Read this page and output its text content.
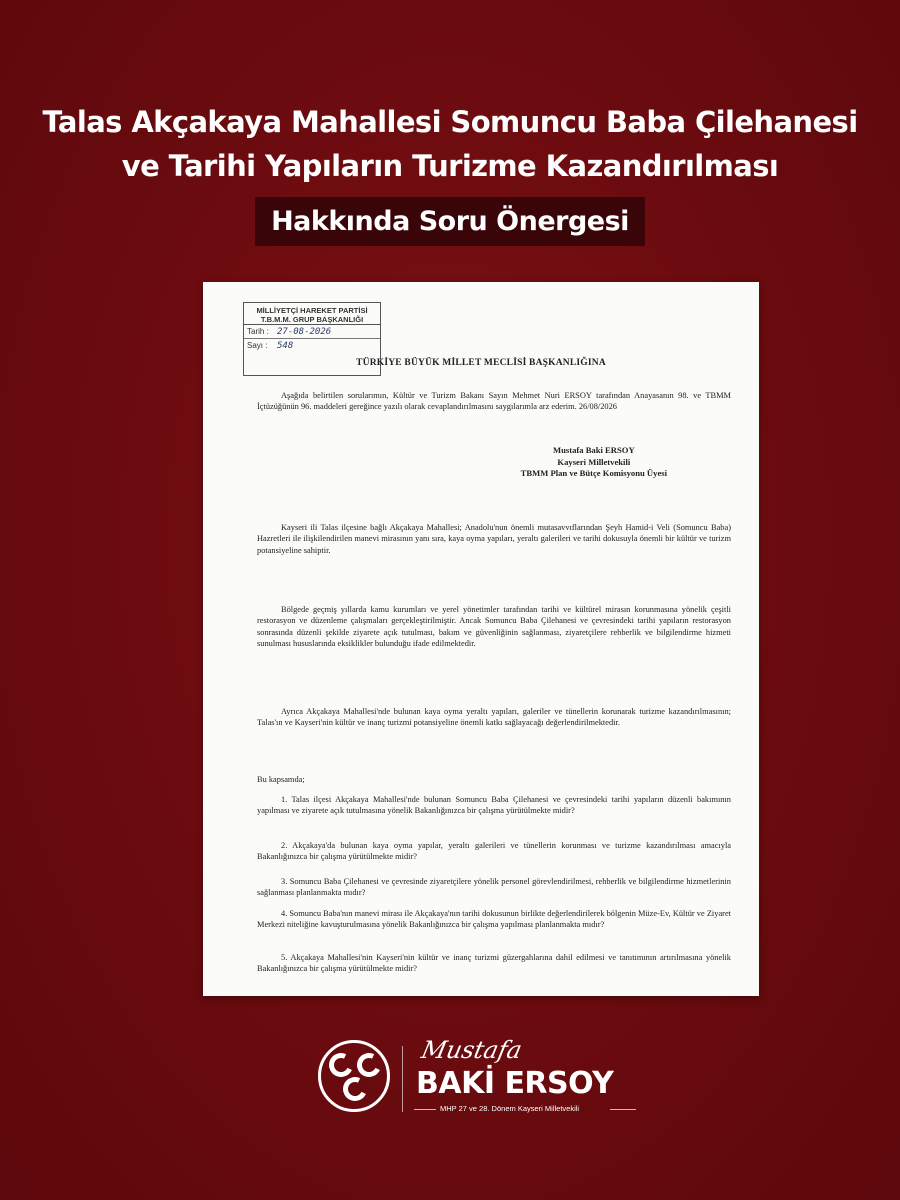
Talas Akçakaya Mahallesi Somuncu Baba Çilehanesi
ve Tarihi Yapıların Turizme Kazandırılması
Hakkında Soru Önergesi
MİLLİYETÇİ HAREKET PARTİSİ
T.B.M.M. GRUP BAŞKANLIĞI
Tarih : 27-08-2026
Sayı :	548
TÜRKİYE BÜYÜK MİLLET MECLİSİ BAŞKANLIĞINA
Aşağıda belirtilen sorularımın, Kültür ve Turizm Bakanı Sayın Mehmet Nuri ERSOY tarafından Anayasanın 98. ve TBMM İçtüzüğünün 96. maddeleri gereğince yazılı olarak cevaplandırılmasını saygılarımla arz ederim. 26/08/2026
Mustafa Baki ERSOY
Kayseri Milletvekili
TBMM Plan ve Bütçe Komisyonu Üyesi
Kayseri ili Talas ilçesine bağlı Akçakaya Mahallesi; Anadolu'nun önemli mutasavvıflarından Şeyh Hamid-i Veli (Somuncu Baba) Hazretleri ile ilişkilendirilen manevi mirasının yanı sıra, kaya oyma yapıları, yeraltı galerileri ve tarihi dokusuyla önemli bir kültür ve turizm potansiyeline sahiptir.
Bölgede geçmiş yıllarda kamu kurumları ve yerel yönetimler tarafından tarihi ve kültürel mirasın korunmasına yönelik çeşitli restorasyon ve düzenleme çalışmaları gerçekleştirilmiştir. Ancak Somuncu Baba Çilehanesi ve çevresindeki tarihi yapıların restorasyon sonrasında düzenli şekilde ziyarete açık tutulması, bakım ve güvenliğinin sağlanması, ziyaretçilere rehberlik ve bilgilendirme hizmeti sunulması hususlarında eksiklikler bulunduğu ifade edilmektedir.
Ayrıca Akçakaya Mahallesi'nde bulunan kaya oyma yeraltı yapıları, galeriler ve tünellerin korunarak turizme kazandırılmasının; Talas'ın ve Kayseri'nin kültür ve inanç turizmi potansiyeline önemli katkı sağlayacağı değerlendirilmektedir.
Bu kapsamda;
1. Talas ilçesi Akçakaya Mahallesi'nde bulunan Somuncu Baba Çilehanesi ve çevresindeki tarihi yapıların düzenli bakımının yapılması ve ziyarete açık tutulmasına yönelik Bakanlığınızca bir çalışma yürütülmekte midir?
2. Akçakaya'da bulunan kaya oyma yapılar, yeraltı galerileri ve tünellerin korunması ve turizme kazandırılması amacıyla Bakanlığınızca bir çalışma yürütülmekte midir?
3. Somuncu Baba Çilehanesi ve çevresinde ziyaretçilere yönelik personel görevlendirilmesi, rehberlik ve bilgilendirme hizmetlerinin sağlanması planlanmakta mıdır?
4. Somuncu Baba'nın manevi mirası ile Akçakaya'nın tarihi dokusunun birlikte değerlendirilerek bölgenin Müze-Ev, Kültür ve Ziyaret Merkezi niteliğine kavuşturulmasına yönelik Bakanlığınızca bir çalışma yapılması planlanmakta mıdır?
5. Akçakaya Mahallesi'nin Kayseri'nin kültür ve inanç turizmi güzergahlarına dahil edilmesi ve tanıtımının artırılmasına yönelik Bakanlığınızca bir çalışma yürütülmekte midir?
Mustafa
BAKİ ERSOY
MHP 27 ve 28. Dönem Kayseri Milletvekili
